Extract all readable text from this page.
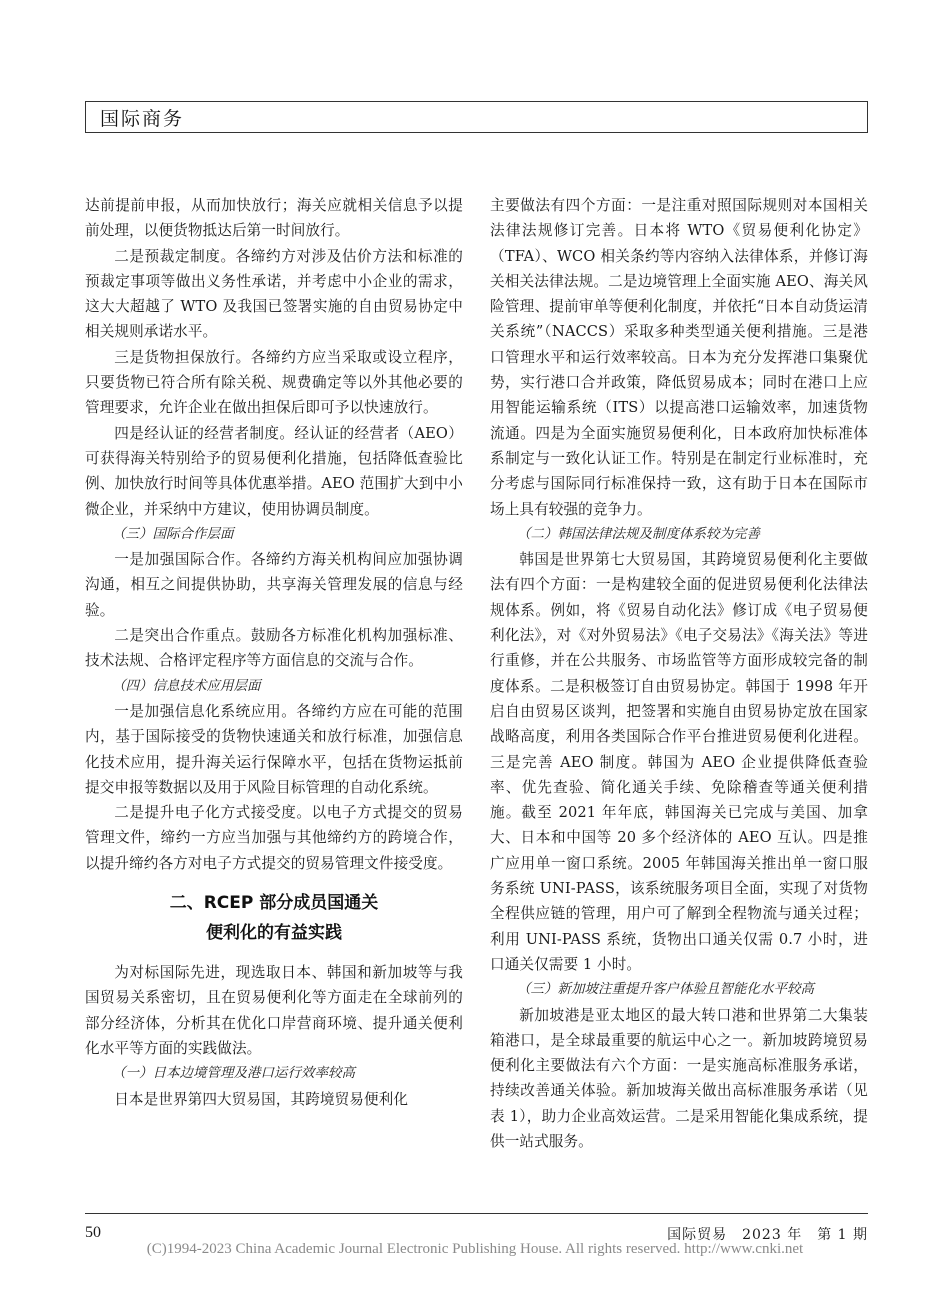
国际商务

达前提前申报，从而加快放行；海关应就相关信息予以提前处理，以便货物抵达后第一时间放行。

二是预裁定制度。各缔约方对涉及估价方法和标准的预裁定事项等做出义务性承诺，并考虑中小企业的需求，这大大超越了 WTO 及我国已签署实施的自由贸易协定中相关规则承诺水平。

三是货物担保放行。各缔约方应当采取或设立程序，只要货物已符合所有除关税、规费确定等以外其他必要的管理要求，允许企业在做出担保后即可予以快速放行。

四是经认证的经营者制度。经认证的经营者（AEO）可获得海关特别给予的贸易便利化措施，包括降低查验比例、加快放行时间等具体优惠举措。AEO 范围扩大到中小微企业，并采纳中方建议，使用协调员制度。

（三）国际合作层面

一是加强国际合作。各缔约方海关机构间应加强协调沟通，相互之间提供协助，共享海关管理发展的信息与经验。

二是突出合作重点。鼓励各方标准化机构加强标准、技术法规、合格评定程序等方面信息的交流与合作。

（四）信息技术应用层面

一是加强信息化系统应用。各缔约方应在可能的范围内，基于国际接受的货物快速通关和放行标准，加强信息化技术应用，提升海关运行保障水平，包括在货物运抵前提交申报等数据以及用于风险目标管理的自动化系统。

二是提升电子化方式接受度。以电子方式提交的贸易管理文件，缔约一方应当加强与其他缔约方的跨境合作，以提升缔约各方对电子方式提交的贸易管理文件接受度。

二、RCEP 部分成员国通关
便利化的有益实践

为对标国际先进，现选取日本、韩国和新加坡等与我国贸易关系密切，且在贸易便利化等方面走在全球前列的部分经济体，分析其在优化口岸营商环境、提升通关便利化水平等方面的实践做法。

（一）日本边境管理及港口运行效率较高

日本是世界第四大贸易国，其跨境贸易便利化

主要做法有四个方面：一是注重对照国际规则对本国相关法律法规修订完善。日本将 WTO《贸易便利化协定》（TFA）、WCO 相关条约等内容纳入法律体系，并修订海关相关法律法规。二是边境管理上全面实施 AEO、海关风险管理、提前审单等便利化制度，并依托“日本自动货运清关系统”（NACCS）采取多种类型通关便利措施。三是港口管理水平和运行效率较高。日本为充分发挥港口集聚优势，实行港口合并政策，降低贸易成本；同时在港口上应用智能运输系统（ITS）以提高港口运输效率，加速货物流通。四是为全面实施贸易便利化，日本政府加快标准体系制定与一致化认证工作。特别是在制定行业标准时，充分考虑与国际同行标准保持一致，这有助于日本在国际市场上具有较强的竞争力。

（二）韩国法律法规及制度体系较为完善

韩国是世界第七大贸易国，其跨境贸易便利化主要做法有四个方面：一是构建较全面的促进贸易便利化法律法规体系。例如，将《贸易自动化法》修订成《电子贸易便利化法》，对《对外贸易法》《电子交易法》《海关法》等进行重修，并在公共服务、市场监管等方面形成较完备的制度体系。二是积极签订自由贸易协定。韩国于 1998 年开启自由贸易区谈判，把签署和实施自由贸易协定放在国家战略高度，利用各类国际合作平台推进贸易便利化进程。三是完善 AEO 制度。韩国为 AEO 企业提供降低查验率、优先查验、简化通关手续、免除稽查等通关便利措施。截至 2021 年年底，韩国海关已完成与美国、加拿大、日本和中国等 20 多个经济体的 AEO 互认。四是推广应用单一窗口系统。2005 年韩国海关推出单一窗口服务系统 UNI-PASS，该系统服务项目全面，实现了对货物全程供应链的管理，用户可了解到全程物流与通关过程；利用 UNI-PASS 系统，货物出口通关仅需 0.7 小时，进口通关仅需要 1 小时。

（三）新加坡注重提升客户体验且智能化水平较高

新加坡港是亚太地区的最大转口港和世界第二大集装箱港口，是全球最重要的航运中心之一。新加坡跨境贸易便利化主要做法有六个方面：一是实施高标准服务承诺，持续改善通关体验。新加坡海关做出高标准服务承诺（见表 1），助力企业高效运营。二是采用智能化集成系统，提供一站式服务。

50	国际贸易　2023 年　第 1 期
(C)1994-2023 China Academic Journal Electronic Publishing House. All rights reserved. http://www.cnki.net
